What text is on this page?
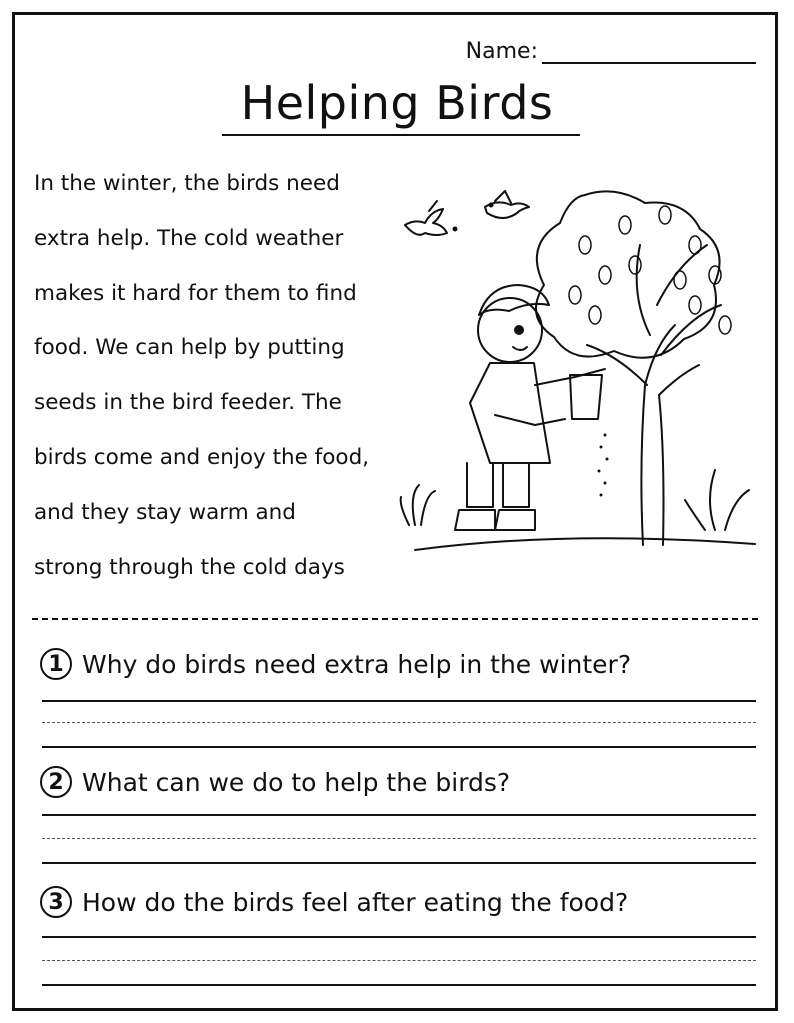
Name:
Helping Birds
In the winter, the birds need
extra help. The cold weather
makes it hard for them to find
food. We can help by putting
seeds in the bird feeder. The
birds come and enjoy the food,
and they stay warm and
strong through the cold days
1 Why do birds need extra help in the winter?
2 What can we do to help the birds?
3 How do the birds feel after eating the food?
